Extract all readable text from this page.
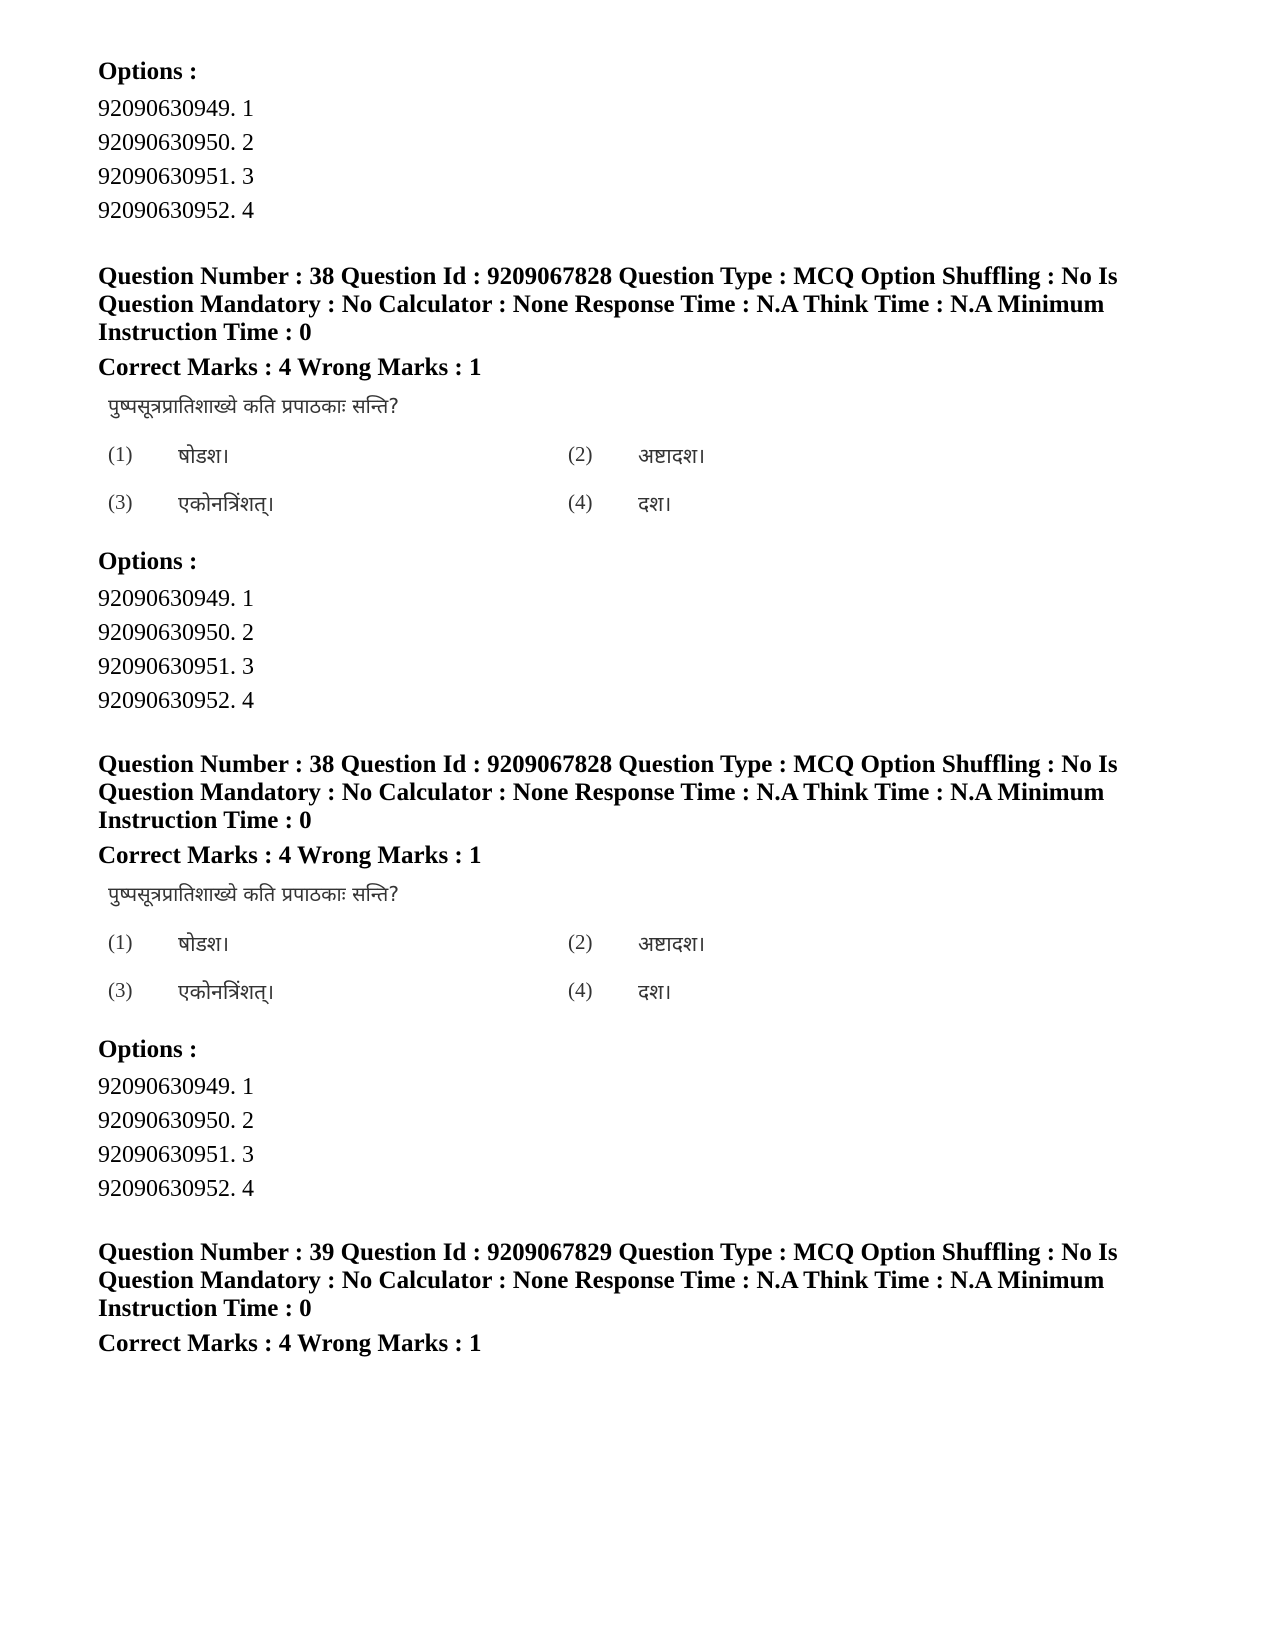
Options :

92090630949. 1

92090630950. 2

92090630951. 3

92090630952. 4

Question Number : 38 Question Id : 9209067828 Question Type : MCQ Option Shuffling : No Is

Question Mandatory : No Calculator : None Response Time : N.A Think Time : N.A Minimum

Instruction Time : 0

Correct Marks : 4 Wrong Marks : 1

पुष्पसूत्रप्रातिशाख्ये कति प्रपाठकाः सन्ति?

(1) षोडश।	(2) अष्टादश।
(3) एकोनत्रिंशत्।	(4) दश।

Options :

92090630949. 1

92090630950. 2

92090630951. 3

92090630952. 4

Question Number : 38 Question Id : 9209067828 Question Type : MCQ Option Shuffling : No Is

Question Mandatory : No Calculator : None Response Time : N.A Think Time : N.A Minimum

Instruction Time : 0

Correct Marks : 4 Wrong Marks : 1

पुष्पसूत्रप्रातिशाख्ये कति प्रपाठकाः सन्ति?

(1) षोडश।	(2) अष्टादश।
(3) एकोनत्रिंशत्।	(4) दश।

Options :

92090630949. 1

92090630950. 2

92090630951. 3

92090630952. 4

Question Number : 39 Question Id : 9209067829 Question Type : MCQ Option Shuffling : No Is

Question Mandatory : No Calculator : None Response Time : N.A Think Time : N.A Minimum

Instruction Time : 0

Correct Marks : 4 Wrong Marks : 1
